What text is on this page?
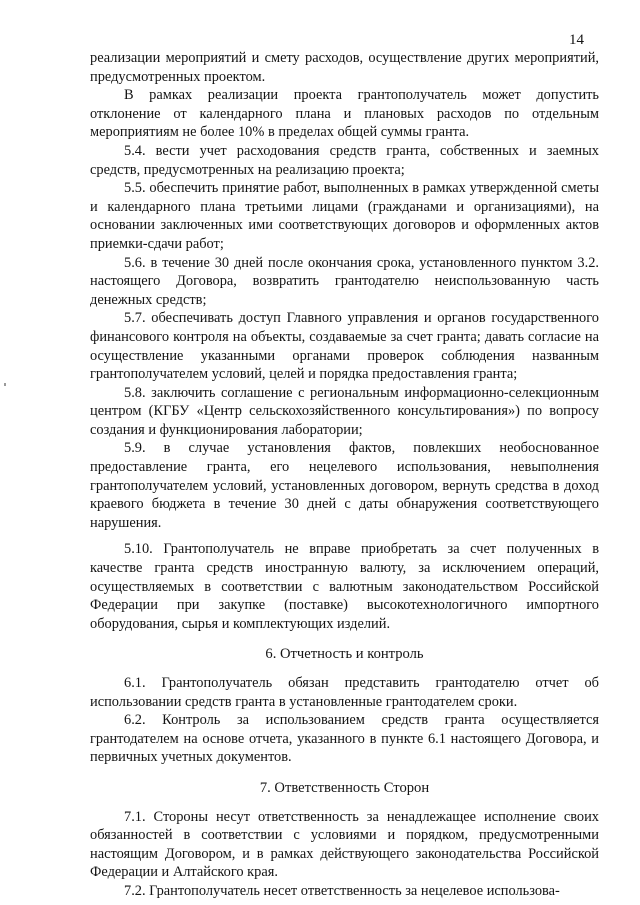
14

реализации мероприятий и смету расходов, осуществление других мероприятий, предусмотренных проектом.

В рамках реализации проекта грантополучатель может допустить отклонение от календарного плана и плановых расходов по отдельным мероприятиям не более 10% в пределах общей суммы гранта.

5.4. вести учет расходования средств гранта, собственных и заемных средств, предусмотренных на реализацию проекта;

5.5. обеспечить принятие работ, выполненных в рамках утвержденной сметы и календарного плана третьими лицами (гражданами и организациями), на основании заключенных ими соответствующих договоров и оформленных актов приемки-сдачи работ;

5.6. в течение 30 дней после окончания срока, установленного пунктом 3.2. настоящего Договора, возвратить грантодателю неиспользованную часть денежных средств;

5.7. обеспечивать доступ Главного управления и органов государственного финансового контроля на объекты, создаваемые за счет гранта; давать согласие на осуществление указанными органами проверок соблюдения названным грантополучателем условий, целей и порядка предоставления гранта;

5.8. заключить соглашение с региональным информационно-селекционным центром (КГБУ «Центр сельскохозяйственного консультирования») по вопросу создания и функционирования лаборатории;

5.9. в случае установления фактов, повлекших необоснованное предоставление гранта, его нецелевого использования, невыполнения грантополучателем условий, установленных договором, вернуть средства в доход краевого бюджета в течение 30 дней с даты обнаружения соответствующего нарушения.

5.10. Грантополучатель не вправе приобретать за счет полученных в качестве гранта средств иностранную валюту, за исключением операций, осуществляемых в соответствии с валютным законодательством Российской Федерации при закупке (поставке) высокотехнологичного импортного оборудования, сырья и комплектующих изделий.

6. Отчетность и контроль

6.1. Грантополучатель обязан представить грантодателю отчет об использовании средств гранта в установленные грантодателем сроки.

6.2. Контроль за использованием средств гранта осуществляется грантодателем на основе отчета, указанного в пункте 6.1 настоящего Договора, и первичных учетных документов.

7. Ответственность Сторон

7.1. Стороны несут ответственность за ненадлежащее исполнение своих обязанностей в соответствии с условиями и порядком, предусмотренными настоящим Договором, и в рамках действующего законодательства Российской Федерации и Алтайского края.

7.2. Грантополучатель несет ответственность за нецелевое использова-
